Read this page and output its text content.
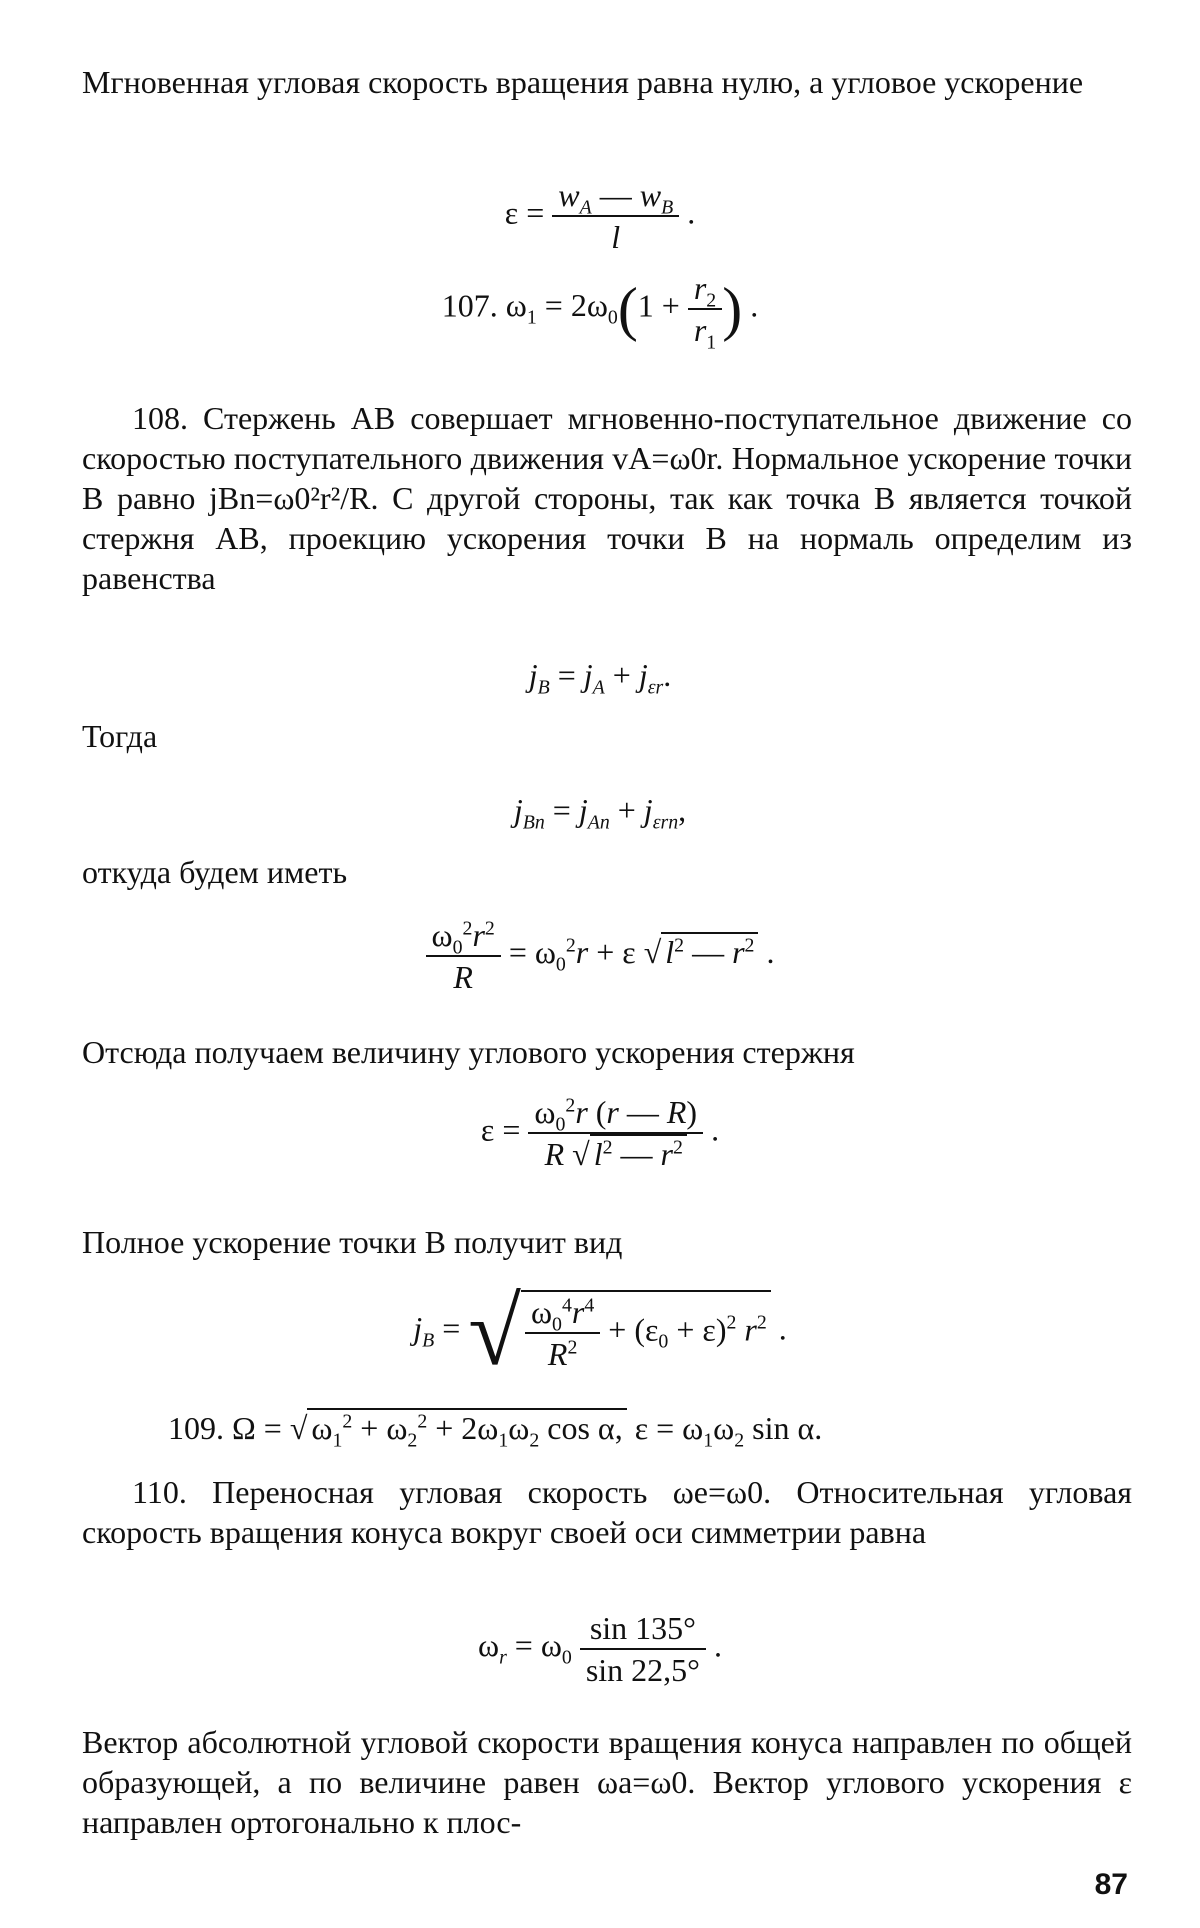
Мгновенная угловая скорость вращения равна нулю, а угловое ускорение

$\varepsilon = \frac{w_A — w_B}{l}$ .
107. $\omega_1 = 2\omega_0(1 + \frac{r_2}{r_1}$ ) .

108. Стержень AB совершает мгновенно-поступательное движение со скоростью поступательного движения vA=ω0r. Нормальное ускорение точки B равно jBn=ω0²r²/R. С другой стороны, так как точка B является точкой стержня AB, проекцию ускорения точки B на нормаль определим из равенства

$j_B = j_A + j_{\varepsilon r}$.

Тогда

$j_{Bn} = j_{An} + j_{\varepsilon rn}$,

откуда будем иметь

$\frac{\omega_0^2r^2}{R} = \omega_0^2r + \varepsilon$ √ $l^2$ — $r^2$ .

Отсюда получаем величину углового ускорения стержня

$\varepsilon = \frac{\omega_0^2r (r — R)}{R √ l^2 — r^2}$ .

Полное ускорение точки B получит вид

$j_B$ = √ $\frac{\omega_0^4r^4}{R^2} + (\varepsilon_0 + \varepsilon)^2$ $r^2$ .
109. Ω = √ $\omega_1^2 + \omega_2^2 + 2\omega_1\omega_2$ cos α, $\varepsilon = \omega_1\omega_2$ sin α.

110. Переносная угловая скорость ωe=ω0. Относительная угловая скорость вращения конуса вокруг своей оси симметрии равна

$\omega_r = \omega_0 \frac{\sin 135^\circ}{\sin 22,5^\circ}$ .

Вектор абсолютной угловой скорости вращения конуса направлен по общей образующей, а по величине равен ωa=ω0. Вектор углового ускорения ε направлен ортогонально к плос-

87
